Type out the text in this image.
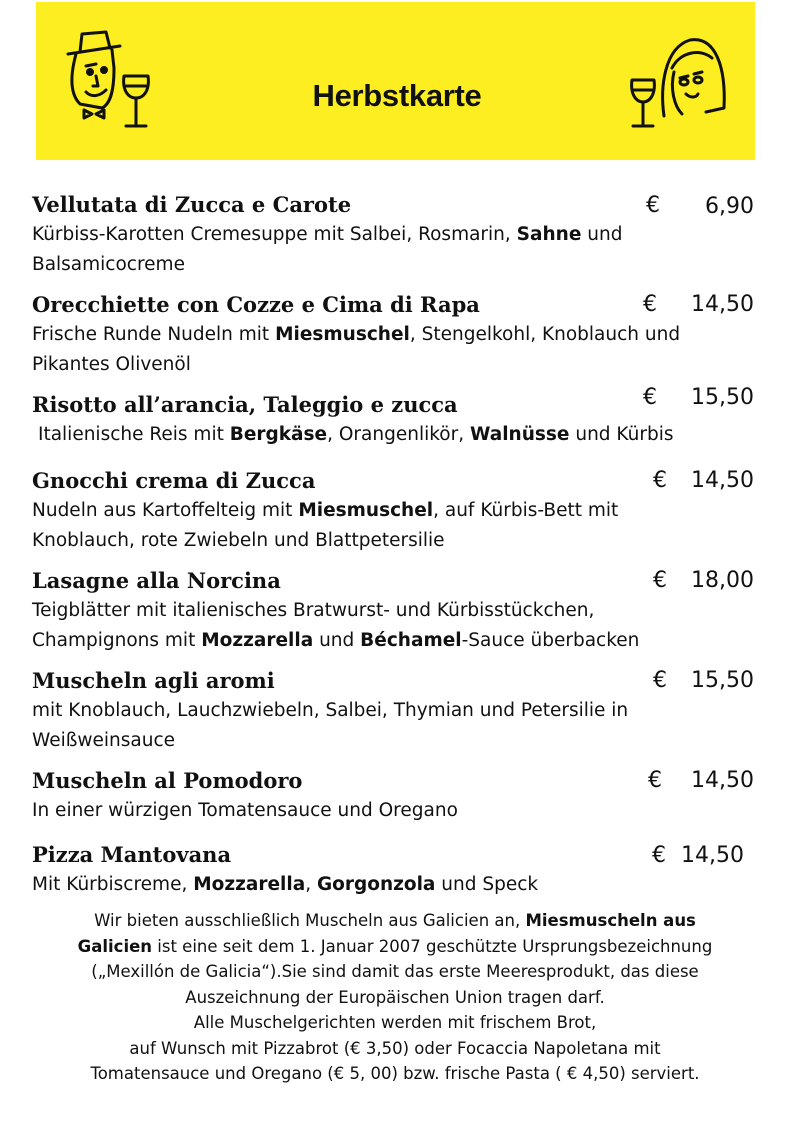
Herbstkarte
Vellutata di Zucca e Carote
Kürbiss-Karotten Cremesuppe mit Salbei, Rosmarin, Sahne und
Balsamicocreme
€ 6,90
Orecchiette con Cozze e Cima di Rapa
Frische Runde Nudeln mit Miesmuschel, Stengelkohl, Knoblauch und
Pikantes Olivenöl
€ 14,50
Risotto all’arancia, Taleggio e zucca
Italienische Reis mit Bergkäse, Orangenlikör, Walnüsse und Kürbis
€ 15,50
Gnocchi crema di Zucca
Nudeln aus Kartoffelteig mit Miesmuschel, auf Kürbis-Bett mit
Knoblauch, rote Zwiebeln und Blattpetersilie
€ 14,50
Lasagne alla Norcina
Teigblätter mit italienisches Bratwurst- und Kürbisstückchen,
Champignons mit Mozzarella und Béchamel-Sauce überbacken
€ 18,00
Muscheln agli aromi
mit Knoblauch, Lauchzwiebeln, Salbei, Thymian und Petersilie in
Weißweinsauce
€ 15,50
Muscheln al Pomodoro
In einer würzigen Tomatensauce und Oregano
€ 14,50
Pizza Mantovana
Mit Kürbiscreme, Mozzarella, Gorgonzola und Speck
€ 14,50
Wir bieten ausschließlich Muscheln aus Galicien an, Miesmuscheln aus
Galicien ist eine seit dem 1. Januar 2007 geschützte Ursprungsbezeichnung
(„Mexillón de Galicia“).Sie sind damit das erste Meeresprodukt, das diese
Auszeichnung der Europäischen Union tragen darf.
Alle Muschelgerichten werden mit frischem Brot,
auf Wunsch mit Pizzabrot (€ 3,50) oder Focaccia Napoletana mit
Tomatensauce und Oregano (€ 5, 00) bzw. frische Pasta ( € 4,50) serviert.
